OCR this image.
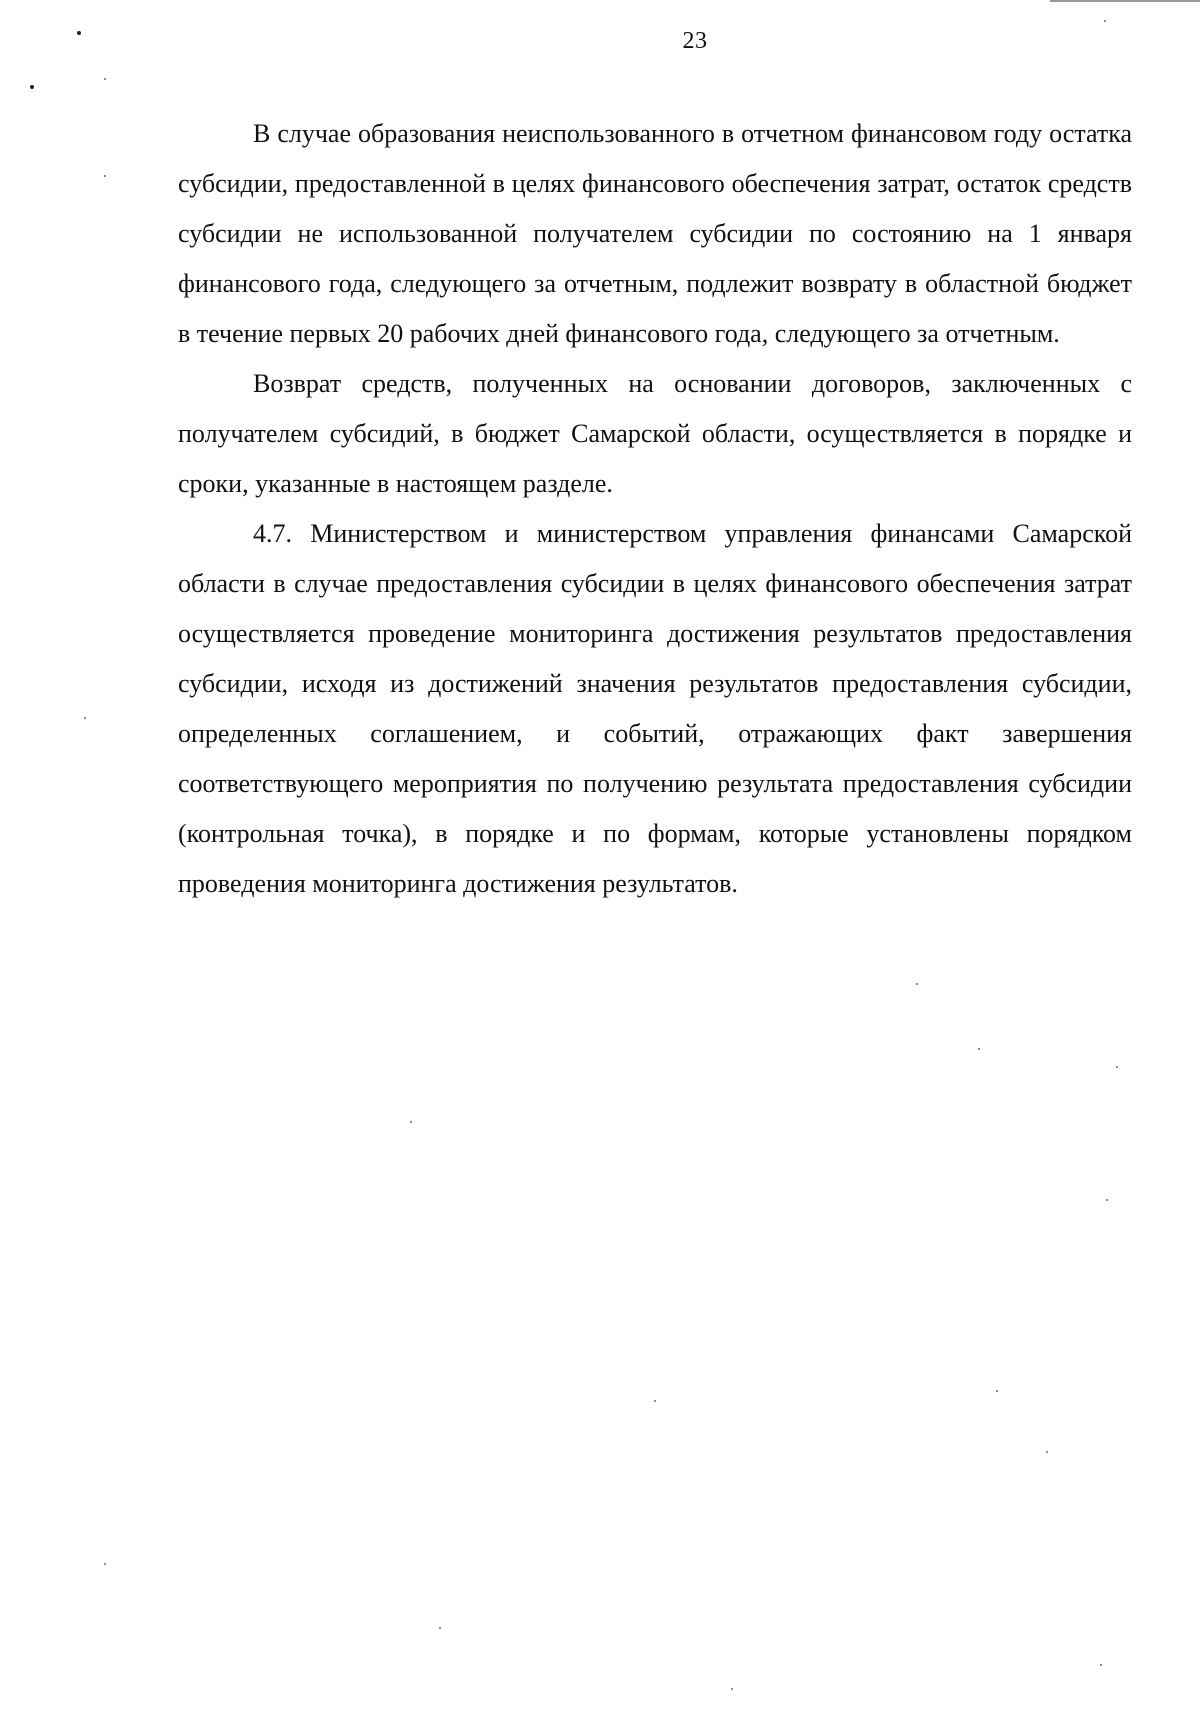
23

В случае образования неиспользованного в отчетном финансовом году остатка субсидии, предоставленной в целях финансового обеспечения затрат, остаток средств субсидии не использованной получателем субсидии по состоянию на 1 января финансового года, следующего за отчетным, подлежит возврату в областной бюджет в течение первых 20 рабочих дней финансового года, следующего за отчетным.

Возврат средств, полученных на основании договоров, заключенных с получателем субсидий, в бюджет Самарской области, осуществляется в порядке и сроки, указанные в настоящем разделе.

4.7. Министерством и министерством управления финансами Самарской области в случае предоставления субсидии в целях финансового обеспечения затрат осуществляется проведение мониторинга достижения результатов предоставления субсидии, исходя из достижений значения результатов предоставления субсидии, определенных соглашением, и событий, отражающих факт завершения соответствующего мероприятия по получению результата предоставления субсидии (контрольная точка), в порядке и по формам, которые установлены порядком проведения мониторинга достижения результатов.
